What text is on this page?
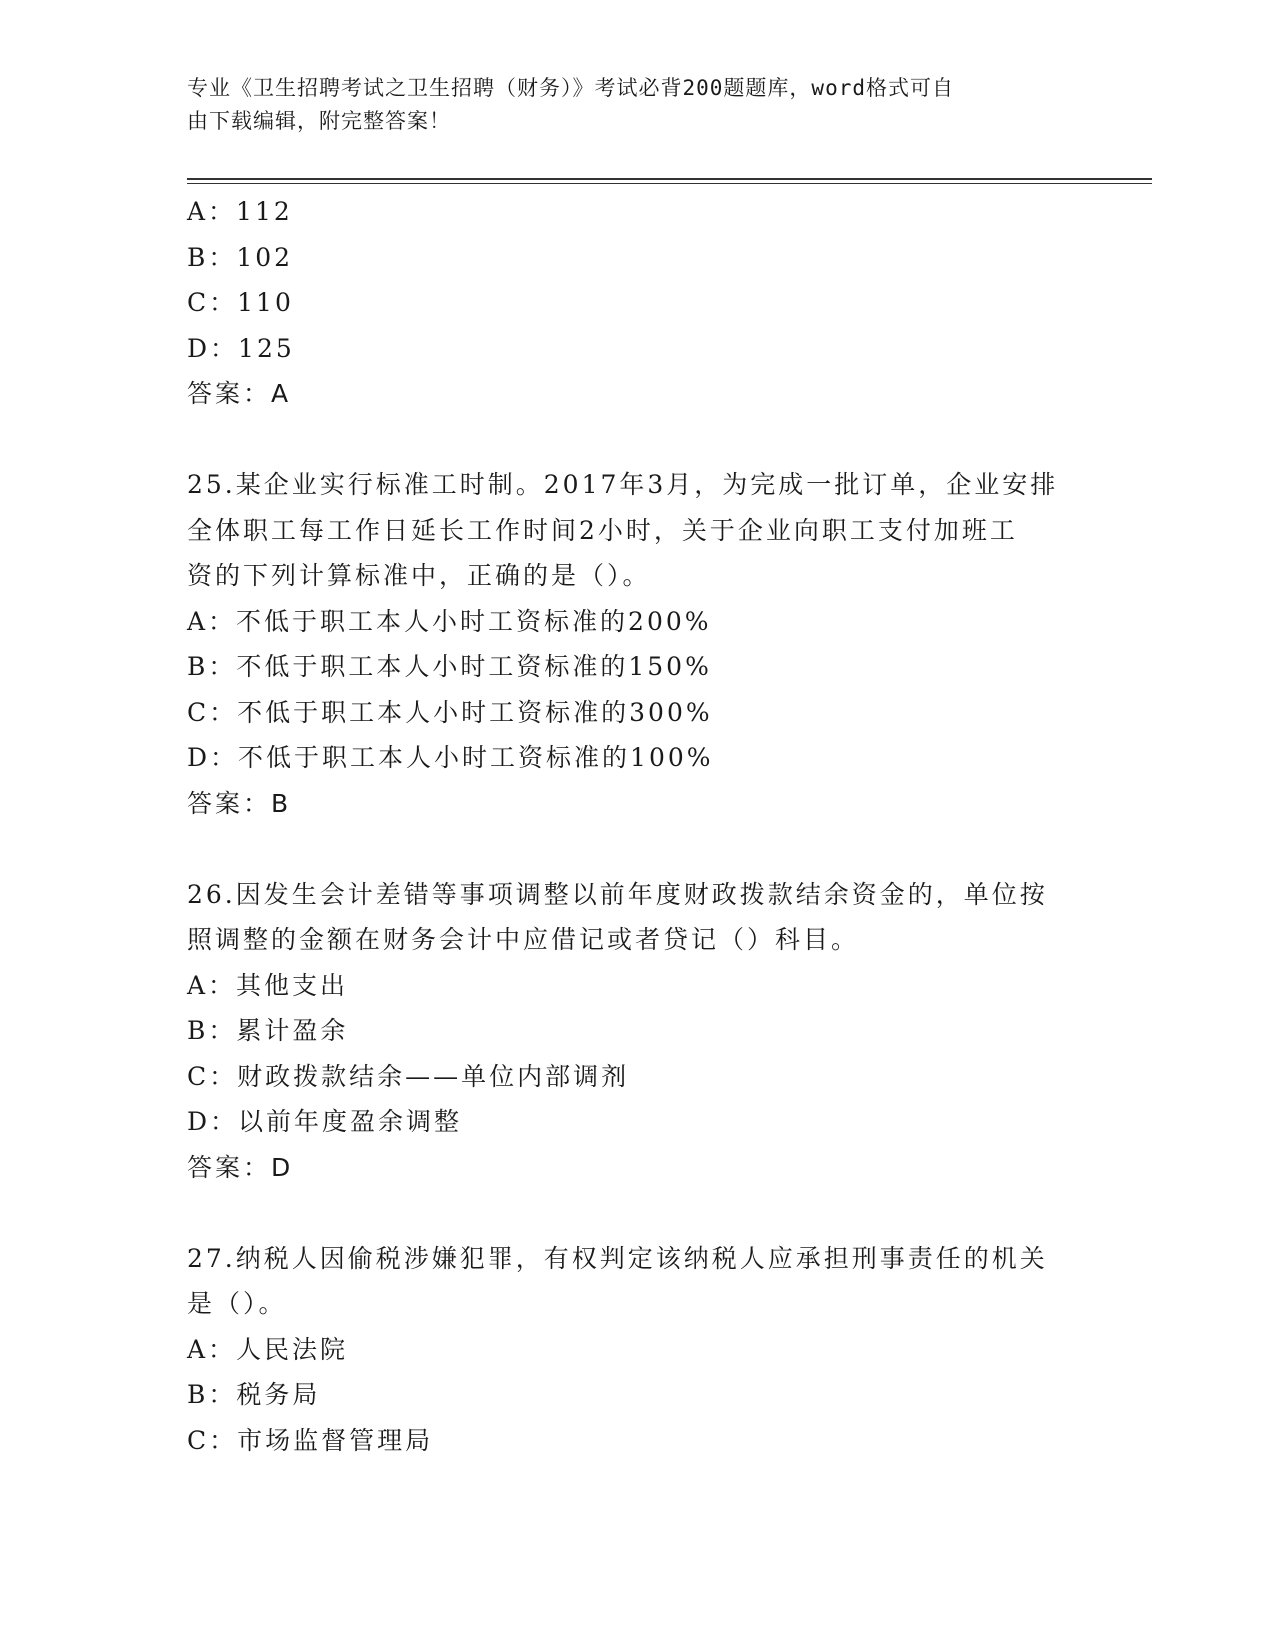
专业《卫生招聘考试之卫生招聘（财务）》考试必背200题题库，word格式可自
由下载编辑，附完整答案！
A：112
B：102
C：110
D：125
答案：A
25.某企业实行标准工时制。2017年3月，为完成一批订单，企业安排
全体职工每工作日延长工作时间2小时，关于企业向职工支付加班工
资的下列计算标准中，正确的是（）。
A：不低于职工本人小时工资标准的200%
B：不低于职工本人小时工资标准的150%
C：不低于职工本人小时工资标准的300%
D：不低于职工本人小时工资标准的100%
答案：B
26.因发生会计差错等事项调整以前年度财政拨款结余资金的，单位按
照调整的金额在财务会计中应借记或者贷记（）科目。
A：其他支出
B：累计盈余
C：财政拨款结余——单位内部调剂
D：以前年度盈余调整
答案：D
27.纳税人因偷税涉嫌犯罪，有权判定该纳税人应承担刑事责任的机关
是（）。
A：人民法院
B：税务局
C：市场监督管理局
